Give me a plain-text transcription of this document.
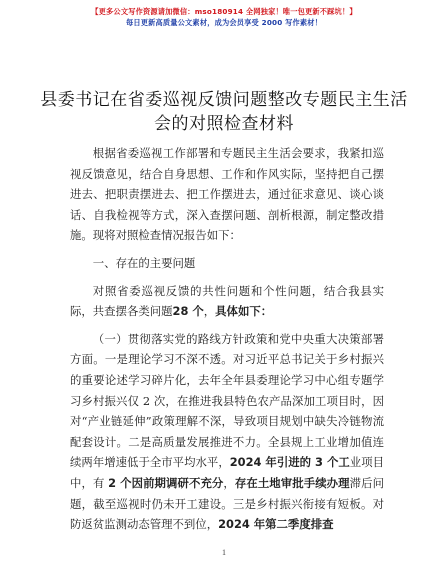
【更多公文写作资源请加微信：mso180914 全网独家！唯一包更新不踩坑！】
每日更新高质量公文素材，成为会员享受 2000 写作素材！
县委书记在省委巡视反馈问题整改专题民主生活会的对照检查材料

根据省委巡视工作部署和专题民主生活会要求，我紧扣巡视反馈意见，结合自身思想、工作和作风实际，坚持把自己摆进去、把职责摆进去、把工作摆进去，通过征求意见、谈心谈话、自我检视等方式，深入查摆问题、剖析根源，制定整改措施。现将对照检查情况报告如下：

一、存在的主要问题

对照省委巡视反馈的共性问题和个性问题，结合我县实际，共查摆各类问题28 个，具体如下：

（一）贯彻落实党的路线方针政策和党中央重大决策部署方面。一是理论学习不深不透。对习近平总书记关于乡村振兴的重要论述学习碎片化，去年全年县委理论学习中心组专题学习乡村振兴仅 2 次，在推进我县特色农产品深加工项目时，因对“产业链延伸”政策理解不深，导致项目规划中缺失冷链物流配套设计。二是高质量发展推进不力。全县规上工业增加值连续两年增速低于全市平均水平，2024 年引进的 3 个工业项目中，有 2 个因前期调研不充分，存在土地审批手续办理滞后问题，截至巡视时仍未开工建设。三是乡村振兴衔接有短板。对防返贫监测动态管理不到位，2024 年第二季度排查

1
